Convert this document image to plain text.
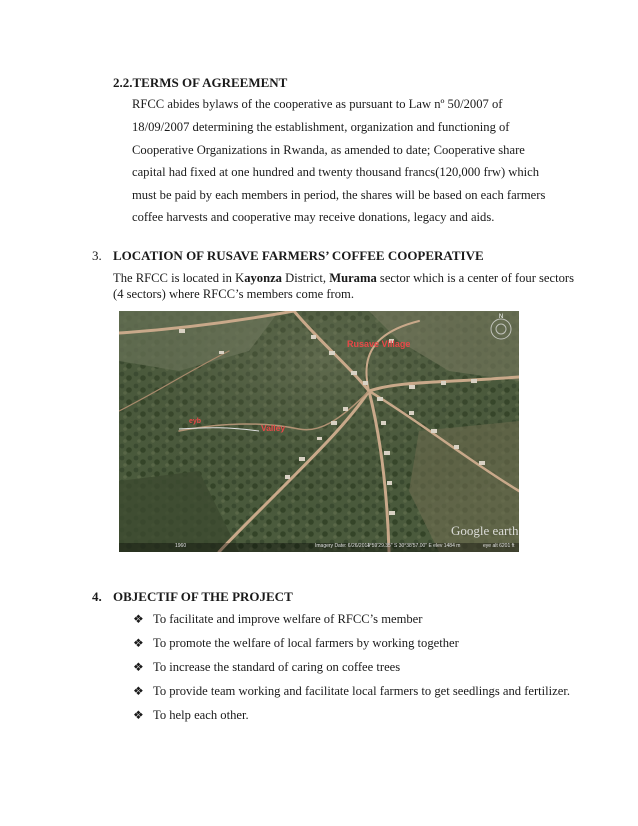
2.2.TERMS OF AGREEMENT
RFCC abides bylaws of the cooperative as pursuant to Law nº 50/2007 of
18/09/2007 determining the establishment, organization and functioning of
Cooperative Organizations in Rwanda, as amended to date; Cooperative share
capital had fixed at one hundred and twenty thousand francs(120,000 frw) which
must be paid by each members in period, the shares will be based on each farmers
coffee harvests and cooperative may receive donations, legacy and aids.
3. LOCATION OF RUSAVE FARMERS’ COFFEE COOPERATIVE
The RFCC is located in Kayonza District, Murama sector which is a center of four sectors
(4 sectors) where RFCC’s members come from.
N
Rusave Village
Valley
eyb
Google earth
1960	Imagery Date: 6/26/2014
1°59'29.35" S 30°38'57.00" E elev 1484 m	eye alt 6201 ft
4. OBJECTIF OF THE PROJECT
❖ To facilitate and improve welfare of RFCC’s member
❖ To promote the welfare of local farmers by working together
❖ To increase the standard of caring on coffee trees
❖ To provide team working and facilitate local farmers to get seedlings and fertilizer.
❖ To help each other.
